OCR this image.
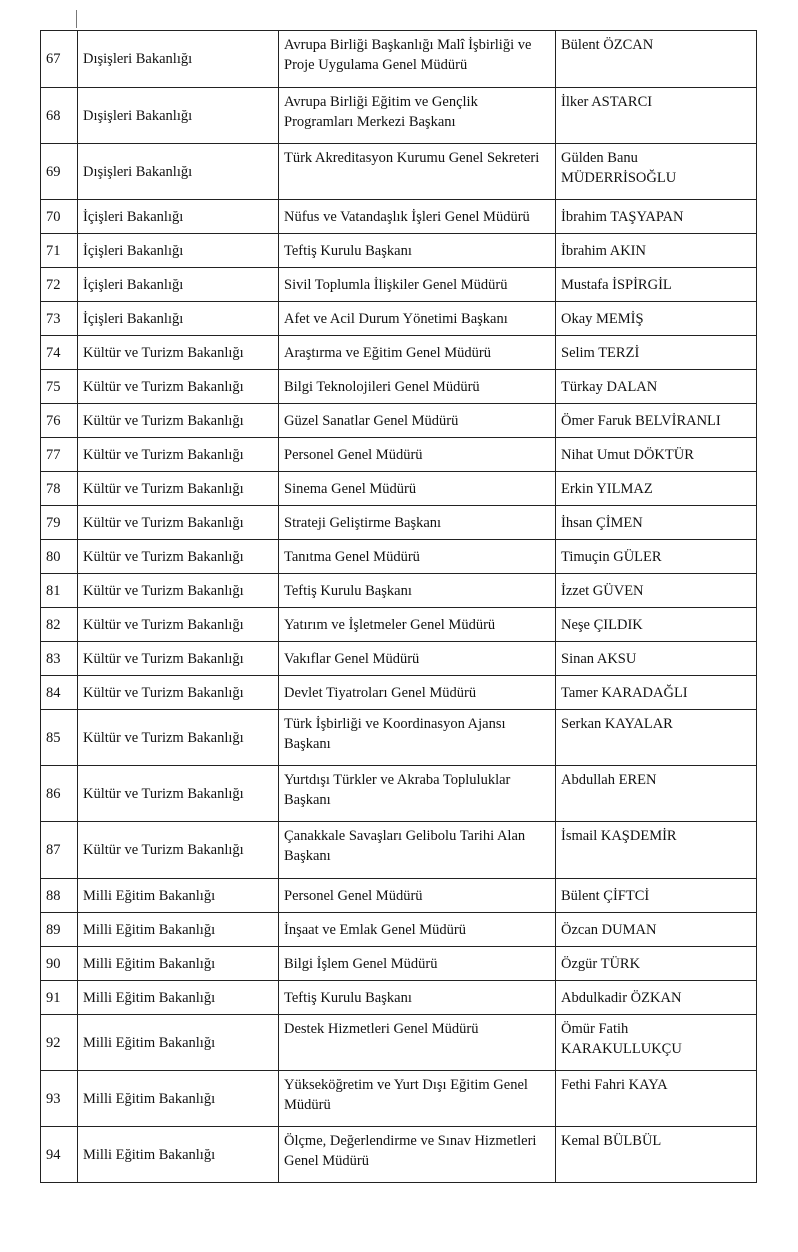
67	Dışişleri Bakanlığı	Avrupa Birliği Başkanlığı Malî İşbirliği ve Proje Uygulama Genel Müdürü	Bülent ÖZCAN
68	Dışişleri Bakanlığı	Avrupa Birliği Eğitim ve Gençlik Programları Merkezi Başkanı	İlker ASTARCI
69	Dışişleri Bakanlığı	Türk Akreditasyon Kurumu Genel Sekreteri	Gülden Banu MÜDERRİSOĞLU
70	İçişleri Bakanlığı	Nüfus ve Vatandaşlık İşleri Genel Müdürü	İbrahim TAŞYAPAN
71	İçişleri Bakanlığı	Teftiş Kurulu Başkanı	İbrahim AKIN
72	İçişleri Bakanlığı	Sivil Toplumla İlişkiler Genel Müdürü	Mustafa İSPİRGİL
73	İçişleri Bakanlığı	Afet ve Acil Durum Yönetimi Başkanı	Okay MEMİŞ
74	Kültür ve Turizm Bakanlığı	Araştırma ve Eğitim Genel Müdürü	Selim TERZİ
75	Kültür ve Turizm Bakanlığı	Bilgi Teknolojileri Genel Müdürü	Türkay DALAN
76	Kültür ve Turizm Bakanlığı	Güzel Sanatlar Genel Müdürü	Ömer Faruk BELVİRANLI
77	Kültür ve Turizm Bakanlığı	Personel Genel Müdürü	Nihat Umut DÖKTÜR
78	Kültür ve Turizm Bakanlığı	Sinema Genel Müdürü	Erkin YILMAZ
79	Kültür ve Turizm Bakanlığı	Strateji Geliştirme Başkanı	İhsan ÇİMEN
80	Kültür ve Turizm Bakanlığı	Tanıtma Genel Müdürü	Timuçin GÜLER
81	Kültür ve Turizm Bakanlığı	Teftiş Kurulu Başkanı	İzzet GÜVEN
82	Kültür ve Turizm Bakanlığı	Yatırım ve İşletmeler Genel Müdürü	Neşe ÇILDIK
83	Kültür ve Turizm Bakanlığı	Vakıflar Genel Müdürü	Sinan AKSU
84	Kültür ve Turizm Bakanlığı	Devlet Tiyatroları Genel Müdürü	Tamer KARADAĞLI
85	Kültür ve Turizm Bakanlığı	Türk İşbirliği ve Koordinasyon Ajansı Başkanı	Serkan KAYALAR
86	Kültür ve Turizm Bakanlığı	Yurtdışı Türkler ve Akraba Topluluklar Başkanı	Abdullah EREN
87	Kültür ve Turizm Bakanlığı	Çanakkale Savaşları Gelibolu Tarihi Alan Başkanı	İsmail KAŞDEMİR
88	Milli Eğitim Bakanlığı	Personel Genel Müdürü	Bülent ÇİFTCİ
89	Milli Eğitim Bakanlığı	İnşaat ve Emlak Genel Müdürü	Özcan DUMAN
90	Milli Eğitim Bakanlığı	Bilgi İşlem Genel Müdürü	Özgür TÜRK
91	Milli Eğitim Bakanlığı	Teftiş Kurulu Başkanı	Abdulkadir ÖZKAN
92	Milli Eğitim Bakanlığı	Destek Hizmetleri Genel Müdürü	Ömür Fatih KARAKULLUKÇU
93	Milli Eğitim Bakanlığı	Yükseköğretim ve Yurt Dışı Eğitim Genel Müdürü	Fethi Fahri KAYA
94	Milli Eğitim Bakanlığı	Ölçme, Değerlendirme ve Sınav Hizmetleri Genel Müdürü	Kemal BÜLBÜL
